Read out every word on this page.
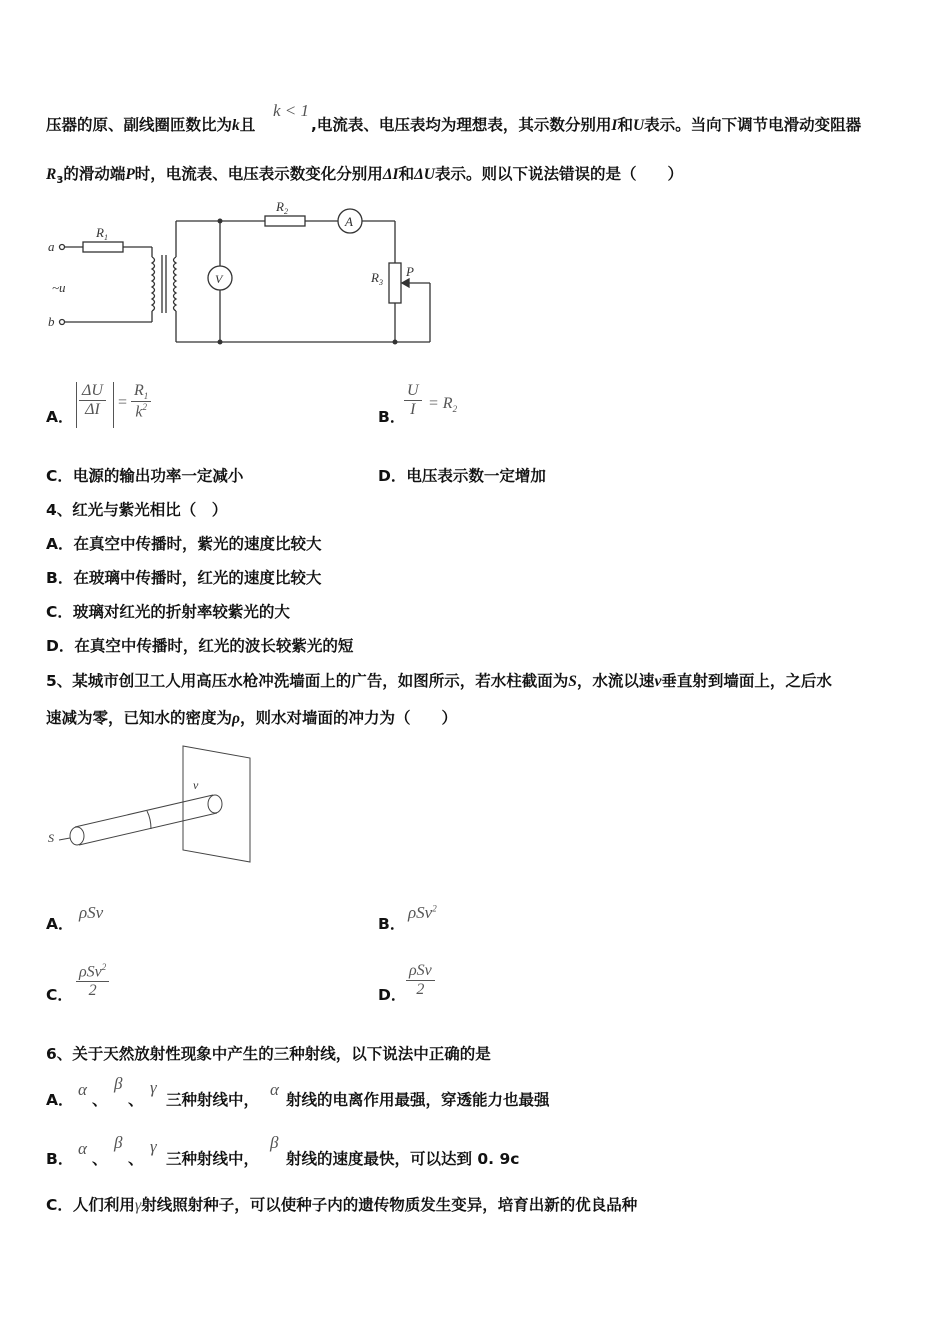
压器的原、副线圈匝数比为k且
k < 1
,电流表、电压表均为理想表，其示数分别用I和U表示。当向下调节电滑动变阻器
$R_3$的滑动端P时，电流表、电压表示数变化分别用ΔI和ΔU表示。则以下说法错误的是（　　）
a
b
~u
$R_1$
$R_2$
$R_3$
P
A
V
A． $\frac{\Delta U}{\Delta I} = \frac{R_1}{k^2}$	B．
$\frac{U}{I} = R_2$
C．电源的输出功率一定减小	D．电压表示数一定增加
4、红光与紫光相比（　）
A．在真空中传播时，紫光的速度比较大
B．在玻璃中传播时，红光的速度比较大
C．玻璃对红光的折射率较紫光的大
D．在真空中传播时，红光的波长较紫光的短
5、某城市创卫工人用高压水枪冲洗墙面上的广告，如图所示，若水柱截面为S，水流以速v垂直射到墙面上，之后水
速减为零，已知水的密度为ρ，则水对墙面的冲力为（　　）
v
S
A．
ρSv
B．
ρSv$^2$
C．
ρSv$^2$
2	D．
ρSv
2
6、关于天然放射性现象中产生的三种射线，以下说法中正确的是
A．
α
、
β
、
γ
三种射线中，
α
射线的电离作用最强，穿透能力也最强
B．
α
、
β
、
γ
三种射线中，
β
射线的速度最快，可以达到 0. 9c
C．人们利用γ射线照射种子，可以使种子内的遗传物质发生变异，培育出新的优良品种
